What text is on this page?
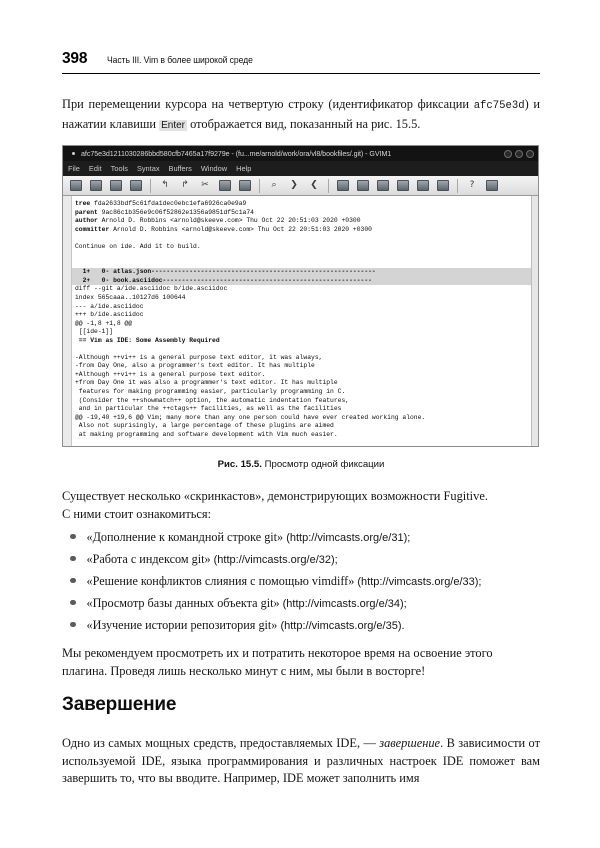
398 Часть III. Vim в более широкой среде
При перемещении курсора на четвертую строку (идентификатор фиксации afc75e3d) и нажатии клавиши Enter отображается вид, показанный на рис. 15.5.
afc75e3d1211030286bbd580cfb7465a17f9279e - (fu...me/arnold/work/ora/vl8/bookfiles/.git) - GVIM1
File Edit Tools Syntax Buffers Window Help
↰	↱	✂	⌕	❯	❮	?
tree fda2633bdf5c61fda1dec0ebc1efa6926ca0e9a9
parent 9ac86c1b356e9c06f52862e1356a9851df5c1a74
author Arnold D. Robbins <arnold@skeeve.com> Thu Oct 22 20:51:03 2020 +0300
committer Arnold D. Robbins <arnold@skeeve.com> Thu Oct 22 20:51:03 2020 +0300
Continue on ide. Add it to build.
1+   0- atlas.json-----------------------------------------------------------
2+   0- book.asciidoc-------------------------------------------------------
diff --git a/ide.asciidoc b/ide.asciidoc
index 565caaa..10127d6 100644
--- a/ide.asciidoc
+++ b/ide.asciidoc
@@ -1,8 +1,8 @@
[[ide-1]]
== Vim as IDE: Some Assembly Required
-Although ++vi++ is a general purpose text editor, it was always,
-from Day One, also a programmer's text editor. It has multiple
+Although ++vi++ is a general purpose text editor.
+from Day One it was also a programmer's text editor. It has multiple
features for making programming easier, particularly programming in C.
(Consider the ++showmatch++ option, the automatic indentation features,
and in particular the ++ctags++ facilities, as well as the facilities
@@ -19,40 +19,6 @@ Vim; many more than any one person could have ever created working alone.
Also not suprisingly, a large percentage of these plugins are aimed
at making programming and software development with Vim much easier.
Рис. 15.5. Просмотр одной фиксации
Существует несколько «скринкастов», демонстрирующих возможности Fugitive.
С ними стоит ознакомиться:
«Дополнение к командной строке git» (http://vimcasts.org/e/31);
«Работа с индексом git» (http://vimcasts.org/e/32);
«Решение конфликтов слияния с помощью vimdiff» (http://vimcasts.org/e/33);
«Просмотр базы данных объекта git» (http://vimcasts.org/e/34);
«Изучение истории репозитория git» (http://vimcasts.org/e/35).
Мы рекомендуем просмотреть их и потратить некоторое время на освоение этого
плагина. Проведя лишь несколько минут с ним, мы были в восторге!
Завершение
Одно из самых мощных средств, предоставляемых IDE, — завершение. В зависимости от используемой IDE, языка программирования и различных настроек IDE поможет вам завершить то, что вы вводите. Например, IDE может заполнить имя
